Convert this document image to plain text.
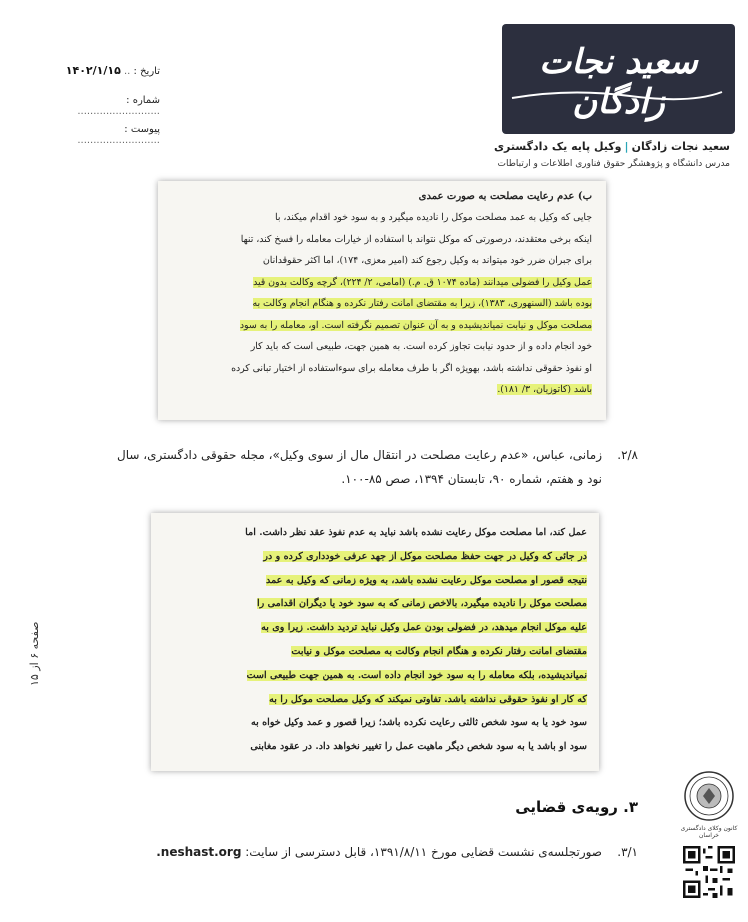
تاریخ : .. ۱۴۰۲/۱/۱۵
شماره : ..........................
پیوست : ..........................
سعید نجات زادگان
سعید نجات زادگان|وکیل پایه یک دادگستری
مدرس دانشگاه و پژوهشگر حقوق فناوری اطلاعات و ارتباطات

ب) عدم رعایت مصلحت به صورت عمدی

جایی که وکیل به عمد مصلحت موکل را نادیده میگیرد و به سود خود اقدام میکند، با

اینکه برخی معتقدند، درصورتی که موکل نتواند با استفاده از خیارات معامله را فسخ کند، تنها

برای جبران ضرر خود میتواند به وکیل رجوع کند (امیر معزی، ۱۷۴)، اما اکثر حقوقدانان

عمل وکیل را فضولی میدانند (ماده ۱۰۷۴ ق. م.) (امامی، ۲/ ۲۲۴)، گرچه وکالت بدون قید

بوده باشد (السنهوری، ۱۳۸۳)، زیرا به مقتضای امانت رفتار نکرده و هنگام انجام وکالت به

مصلحت موکل و نیابت نمیاندیشیده و به آن عنوان تصمیم نگرفته است. او، معامله را به سود

خود انجام داده و از حدود نیابت تجاوز کرده است. به همین جهت، طبیعی است که باید کار

او نفوذ حقوقی نداشته باشد، بهویژه اگر با طرف معامله برای سوءاستفاده از اختیار تبانی کرده

باشد (کاتوزیان، ۳/ ۱۸۱).

۲/۸.
زمانی، عباس، «عدم رعایت مصلحت در انتقال مال از سوی وکیل»، مجله حقوقی دادگستری، سال نود و هفتم، شماره ۹۰، تابستان ۱۳۹۴، صص ۸۵-۱۰۰.
صفحه ۶ از ۱۵

عمل کند، اما مصلحت موکل رعایت نشده باشد نباید به عدم نفوذ عقد نظر داشت. اما

در جائی که وکیل در جهت حفظ مصلحت موکل از جهد عرفی خودداری کرده و در

نتیجه قصور او مصلحت موکل رعایت نشده باشد، به ویژه زمانی که وکیل به عمد

مصلحت موکل را نادیده میگیرد، بالاخص زمانی که به سود خود یا دیگران اقدامی را

علیه موکل انجام میدهد، در فضولی بودن عمل وکیل نباید تردید داشت. زیرا وی به

مقتضای امانت رفتار نکرده و هنگام انجام وکالت به مصلحت موکل و نیابت

نمیاندیشیده، بلکه معامله را به سود خود انجام داده است. به همین جهت طبیعی است

که کار او نفوذ حقوقی نداشته باشد. تفاوتی نمیکند که وکیل مصلحت موکل را به

سود خود یا به سود شخص ثالثی رعایت نکرده باشد؛ زیرا قصور و عمد وکیل خواه به

سود او باشد یا به سود شخص دیگر ماهیت عمل را تغییر نخواهد داد. در عقود مغابنی

۳. رویه‌ی قضایی
۳/۱.
صورتجلسه‌ی نشست قضایی مورخ ۱۳۹۱/۸/۱۱، قابل دسترسی از سایت: neshast.org.
کانون وکلای دادگستری خراسان
